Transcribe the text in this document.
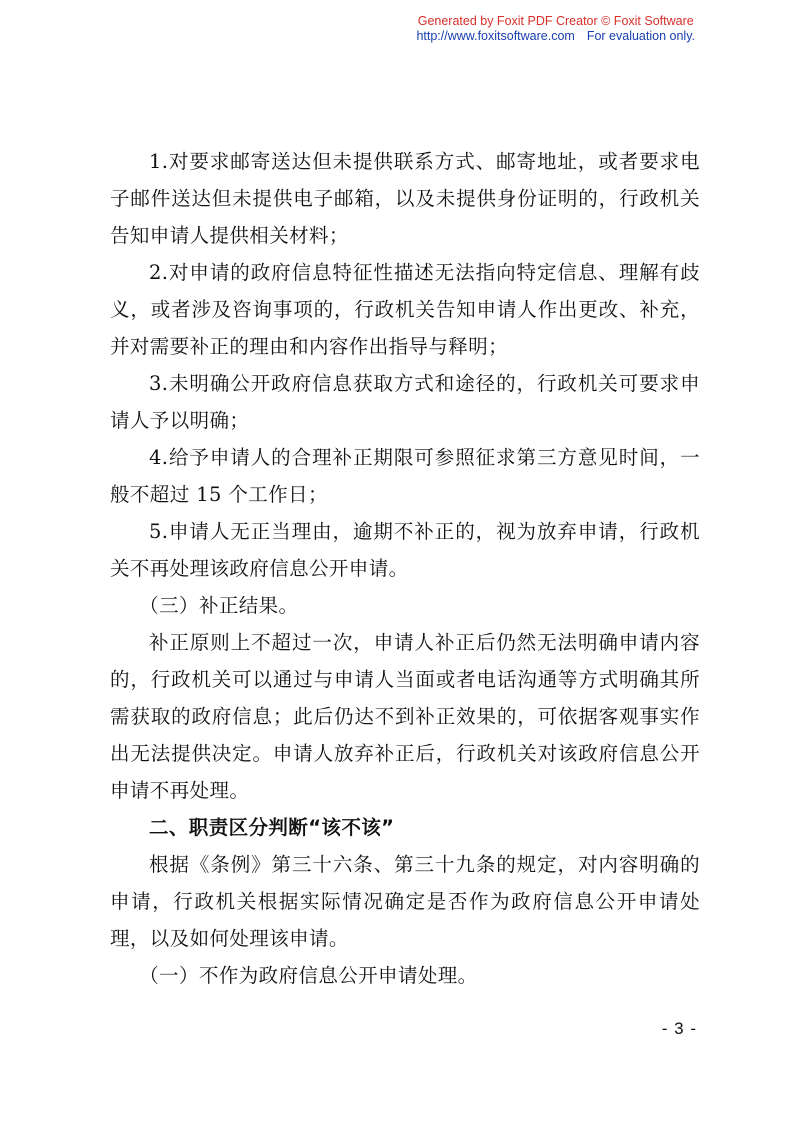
Generated by Foxit PDF Creator © Foxit Software
http://www.foxitsoftware.com For evaluation only.

1.对要求邮寄送达但未提供联系方式、邮寄地址，或者要求电子邮件送达但未提供电子邮箱，以及未提供身份证明的，行政机关告知申请人提供相关材料；

2.对申请的政府信息特征性描述无法指向特定信息、理解有歧义，或者涉及咨询事项的，行政机关告知申请人作出更改、补充，并对需要补正的理由和内容作出指导与释明；

3.未明确公开政府信息获取方式和途径的，行政机关可要求申请人予以明确；

4.给予申请人的合理补正期限可参照征求第三方意见时间，一般不超过 15 个工作日；

5.申请人无正当理由，逾期不补正的，视为放弃申请，行政机关不再处理该政府信息公开申请。

（三）补正结果。

补正原则上不超过一次，申请人补正后仍然无法明确申请内容的，行政机关可以通过与申请人当面或者电话沟通等方式明确其所需获取的政府信息；此后仍达不到补正效果的，可依据客观事实作出无法提供决定。申请人放弃补正后，行政机关对该政府信息公开申请不再处理。

二、职责区分判断“该不该”

根据《条例》第三十六条、第三十九条的规定，对内容明确的申请，行政机关根据实际情况确定是否作为政府信息公开申请处理，以及如何处理该申请。

（一）不作为政府信息公开申请处理。

- 3 -
